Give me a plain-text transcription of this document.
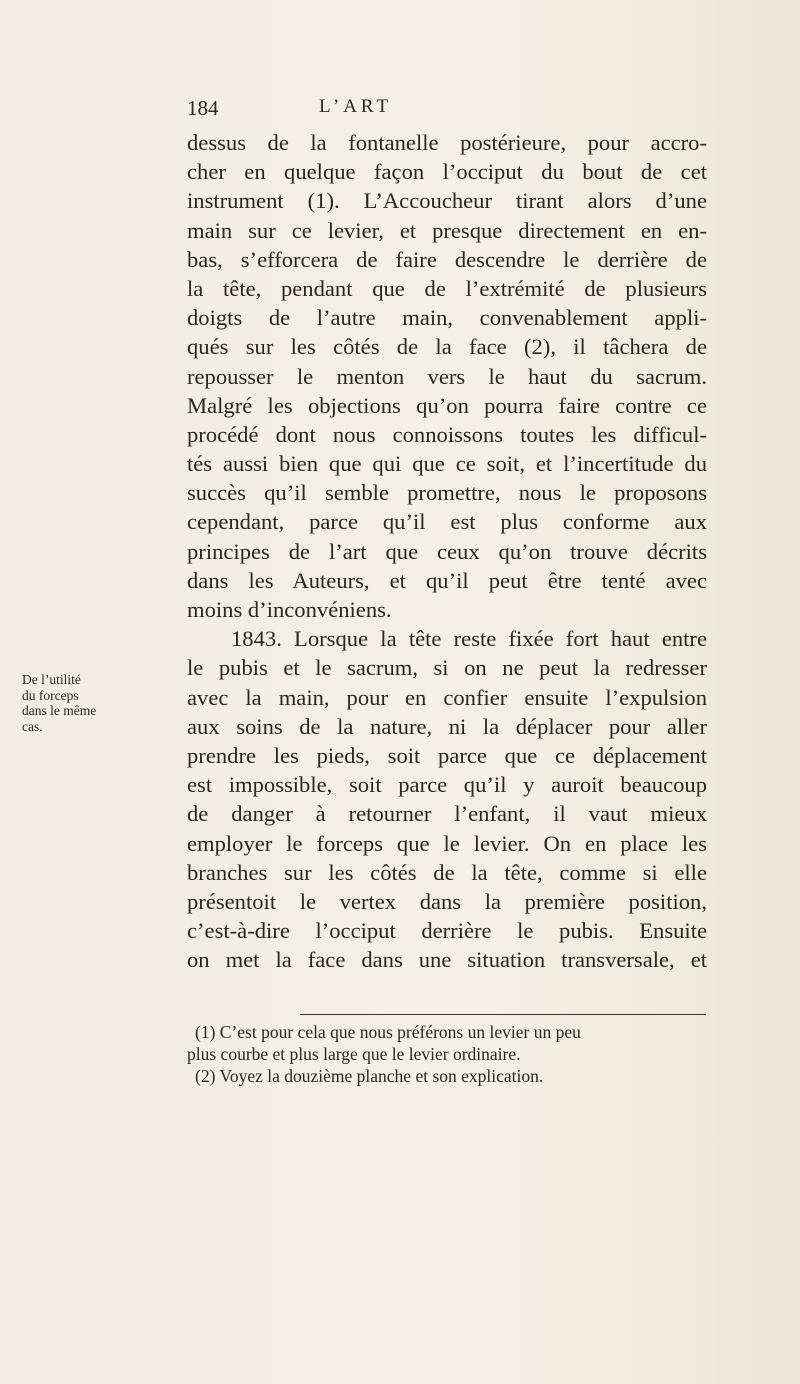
184	L’ART
dessus de la fontanelle postérieure, pour accro-
cher en quelque façon l’occiput du bout de cet
instrument (1). L’Accoucheur tirant alors d’une
main sur ce levier, et presque directement en en-
bas, s’efforcera de faire descendre le derrière de
la tête, pendant que de l’extrémité de plusieurs
doigts de l’autre main, convenablement appli-
qués sur les côtés de la face (2), il tâchera de
repousser le menton vers le haut du sacrum.
Malgré les objections qu’on pourra faire contre ce
procédé dont nous connoissons toutes les difficul-
tés aussi bien que qui que ce soit, et l’incertitude du
succès qu’il semble promettre, nous le proposons
cependant, parce qu’il est plus conforme aux
principes de l’art que ceux qu’on trouve décrits
dans les Auteurs, et qu’il peut être tenté avec
moins d’inconvéniens.
1843. Lorsque la tête reste fixée fort haut entre
le pubis et le sacrum, si on ne peut la redresser
avec la main, pour en confier ensuite l’expulsion
aux soins de la nature, ni la déplacer pour aller
prendre les pieds, soit parce que ce déplacement
est impossible, soit parce qu’il y auroit beaucoup
de danger à retourner l’enfant, il vaut mieux
employer le forceps que le levier. On en place les
branches sur les côtés de la tête, comme si elle
présentoit le vertex dans la première position,
c’est-à-dire l’occiput derrière le pubis. Ensuite
on met la face dans une situation transversale, et
De l’utilité
du forceps
dans le même
cas.
(1) C’est pour cela que nous préférons un levier un peu
plus courbe et plus large que le levier ordinaire.
(2) Voyez la douzième planche et son explication.
